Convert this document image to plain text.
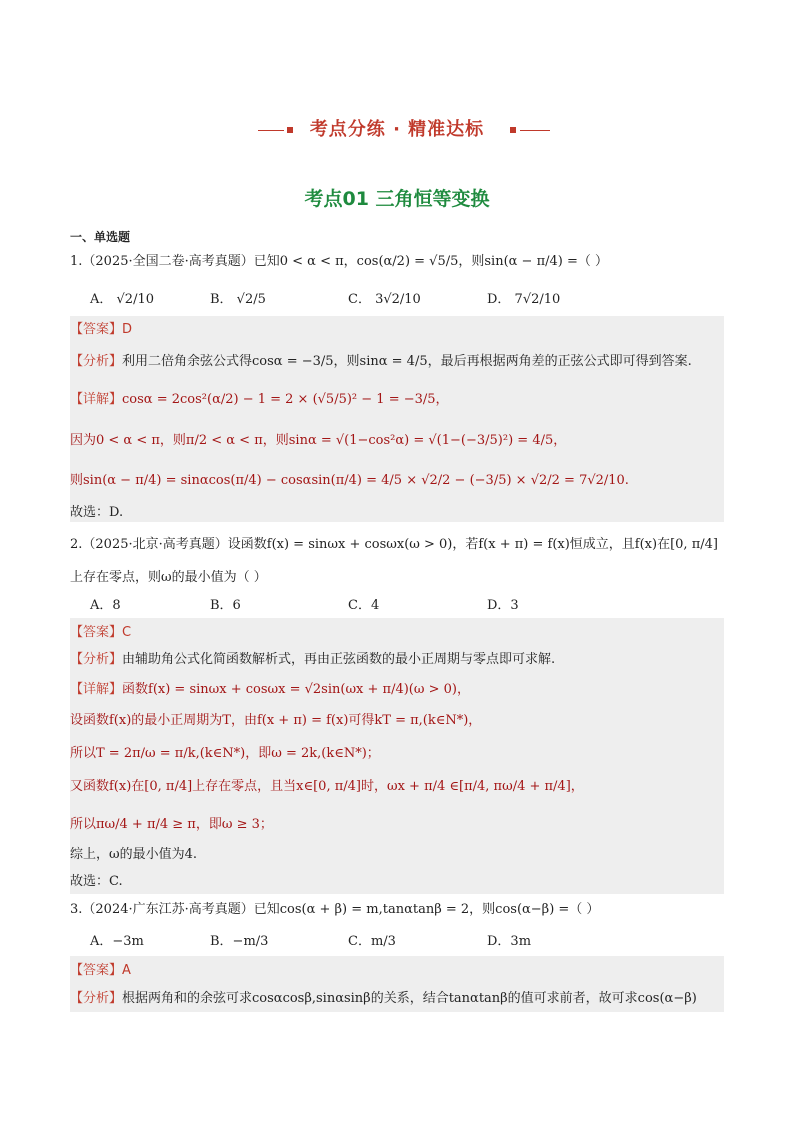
考点分练 · 精准达标
考点01 三角恒等变换
一、单选题
1.（2025·全国二卷·高考真题）已知0 < α < π，cos(α/2) = √5/5，则sin(α − π/4) =（ ）
A． √2/10	B． √2/5	C． 3√2/10	D． 7√2/10
【答案】D
【分析】利用二倍角余弦公式得cosα = −3/5，则sinα = 4/5，最后再根据两角差的正弦公式即可得到答案.
【详解】cosα = 2cos²(α/2) − 1 = 2 × (√5/5)² − 1 = −3/5，
因为0 < α < π，则π/2 < α < π，则sinα = √(1−cos²α) = √(1−(−3/5)²) = 4/5，
则sin(α − π/4) = sinαcos(π/4) − cosαsin(π/4) = 4/5 × √2/2 − (−3/5) × √2/2 = 7√2/10.
故选：D.
2.（2025·北京·高考真题）设函数f(x) = sinωx + cosωx(ω > 0)，若f(x + π) = f(x)恒成立，且f(x)在[0, π/4]
上存在零点，则ω的最小值为（ ）
A．8	B．6	C．4	D．3
【答案】C
【分析】由辅助角公式化简函数解析式，再由正弦函数的最小正周期与零点即可求解.
【详解】函数f(x) = sinωx + cosωx = √2sin(ωx + π/4)(ω > 0)，
设函数f(x)的最小正周期为T，由f(x + π) = f(x)可得kT = π,(k∈N*)，
所以T = 2π/ω = π/k,(k∈N*)，即ω = 2k,(k∈N*)；
又函数f(x)在[0, π/4]上存在零点，且当x∈[0, π/4]时，ωx + π/4 ∈[π/4, πω/4 + π/4]，
所以πω/4 + π/4 ≥ π，即ω ≥ 3；
综上，ω的最小值为4.
故选：C.
3.（2024·广东江苏·高考真题）已知cos(α + β) = m,tanαtanβ = 2，则cos(α−β) =（ ）
A．−3m	B．−m/3	C．m/3	D．3m
【答案】A
【分析】根据两角和的余弦可求cosαcosβ,sinαsinβ的关系，结合tanαtanβ的值可求前者，故可求cos(α−β)
